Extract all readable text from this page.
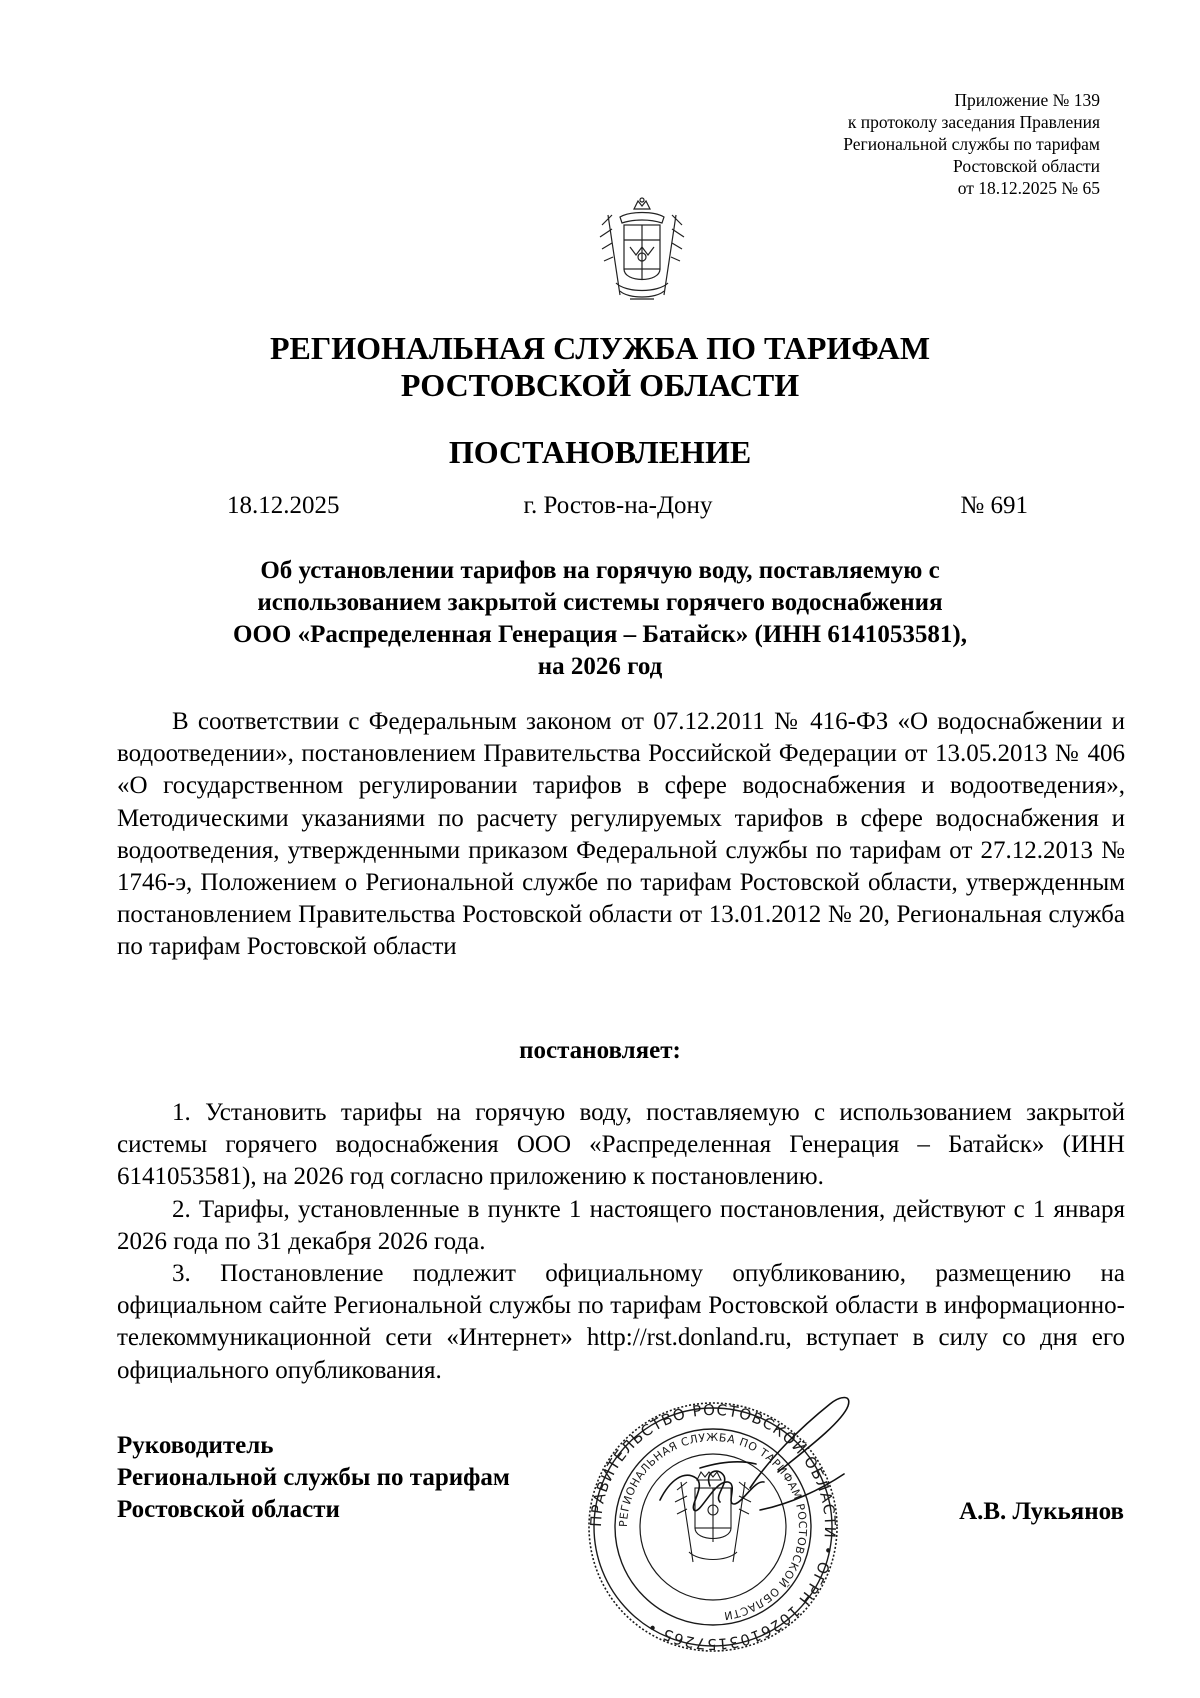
Приложение № 139
к протоколу заседания Правления
Региональной службы по тарифам
Ростовской области
от 18.12.2025 № 65
РЕГИОНАЛЬНАЯ СЛУЖБА ПО ТАРИФАМ
РОСТОВСКОЙ ОБЛАСТИ
ПОСТАНОВЛЕНИЕ
18.12.2025	г. Ростов-на-Дону	№ 691
Об установлении тарифов на горячую воду, поставляемую с
использованием закрытой системы горячего водоснабжения
ООО «Распределенная Генерация – Батайск» (ИНН 6141053581),
на 2026 год

В соответствии с Федеральным законом от 07.12.2011 № 416-ФЗ «О водоснабжении и водоотведении», постановлением Правительства Российской Федерации от 13.05.2013 № 406 «О государственном регулировании тарифов в сфере водоснабжения и водоотведения», Методическими указаниями по расчету регулируемых тарифов в сфере водоснабжения и водоотведения, утвержденными приказом Федеральной службы по тарифам от 27.12.2013 № 1746-э, Положением о Региональной службе по тарифам Ростовской области, утвержденным постановлением Правительства Ростовской области от 13.01.2012 № 20, Региональная служба по тарифам Ростовской области

постановляет:

1. Установить тарифы на горячую воду, поставляемую с использованием закрытой системы горячего водоснабжения ООО «Распределенная Генерация – Батайск» (ИНН 6141053581), на 2026 год согласно приложению к постановлению.

2. Тарифы, установленные в пункте 1 настоящего постановления, действуют с 1 января 2026 года по 31 декабря 2026 года.

3. Постановление подлежит официальному опубликованию, размещению на официальном сайте Региональной службы по тарифам Ростовской области в информационно-телекоммуникационной сети «Интернет» http://rst.donland.ru, вступает в силу со дня его официального опубликования.

Руководитель
Региональной службы по тарифам
Ростовской области	ПРАВИТЕЛЬСТВО РОСТОВСКОЙ ОБЛАСТИ • ОГРН 1026103157265 •
РЕГИОНАЛЬНАЯ СЛУЖБА ПО ТАРИФАМ РОСТОВСКОЙ ОБЛАСТИ
А.В. Лукьянов
